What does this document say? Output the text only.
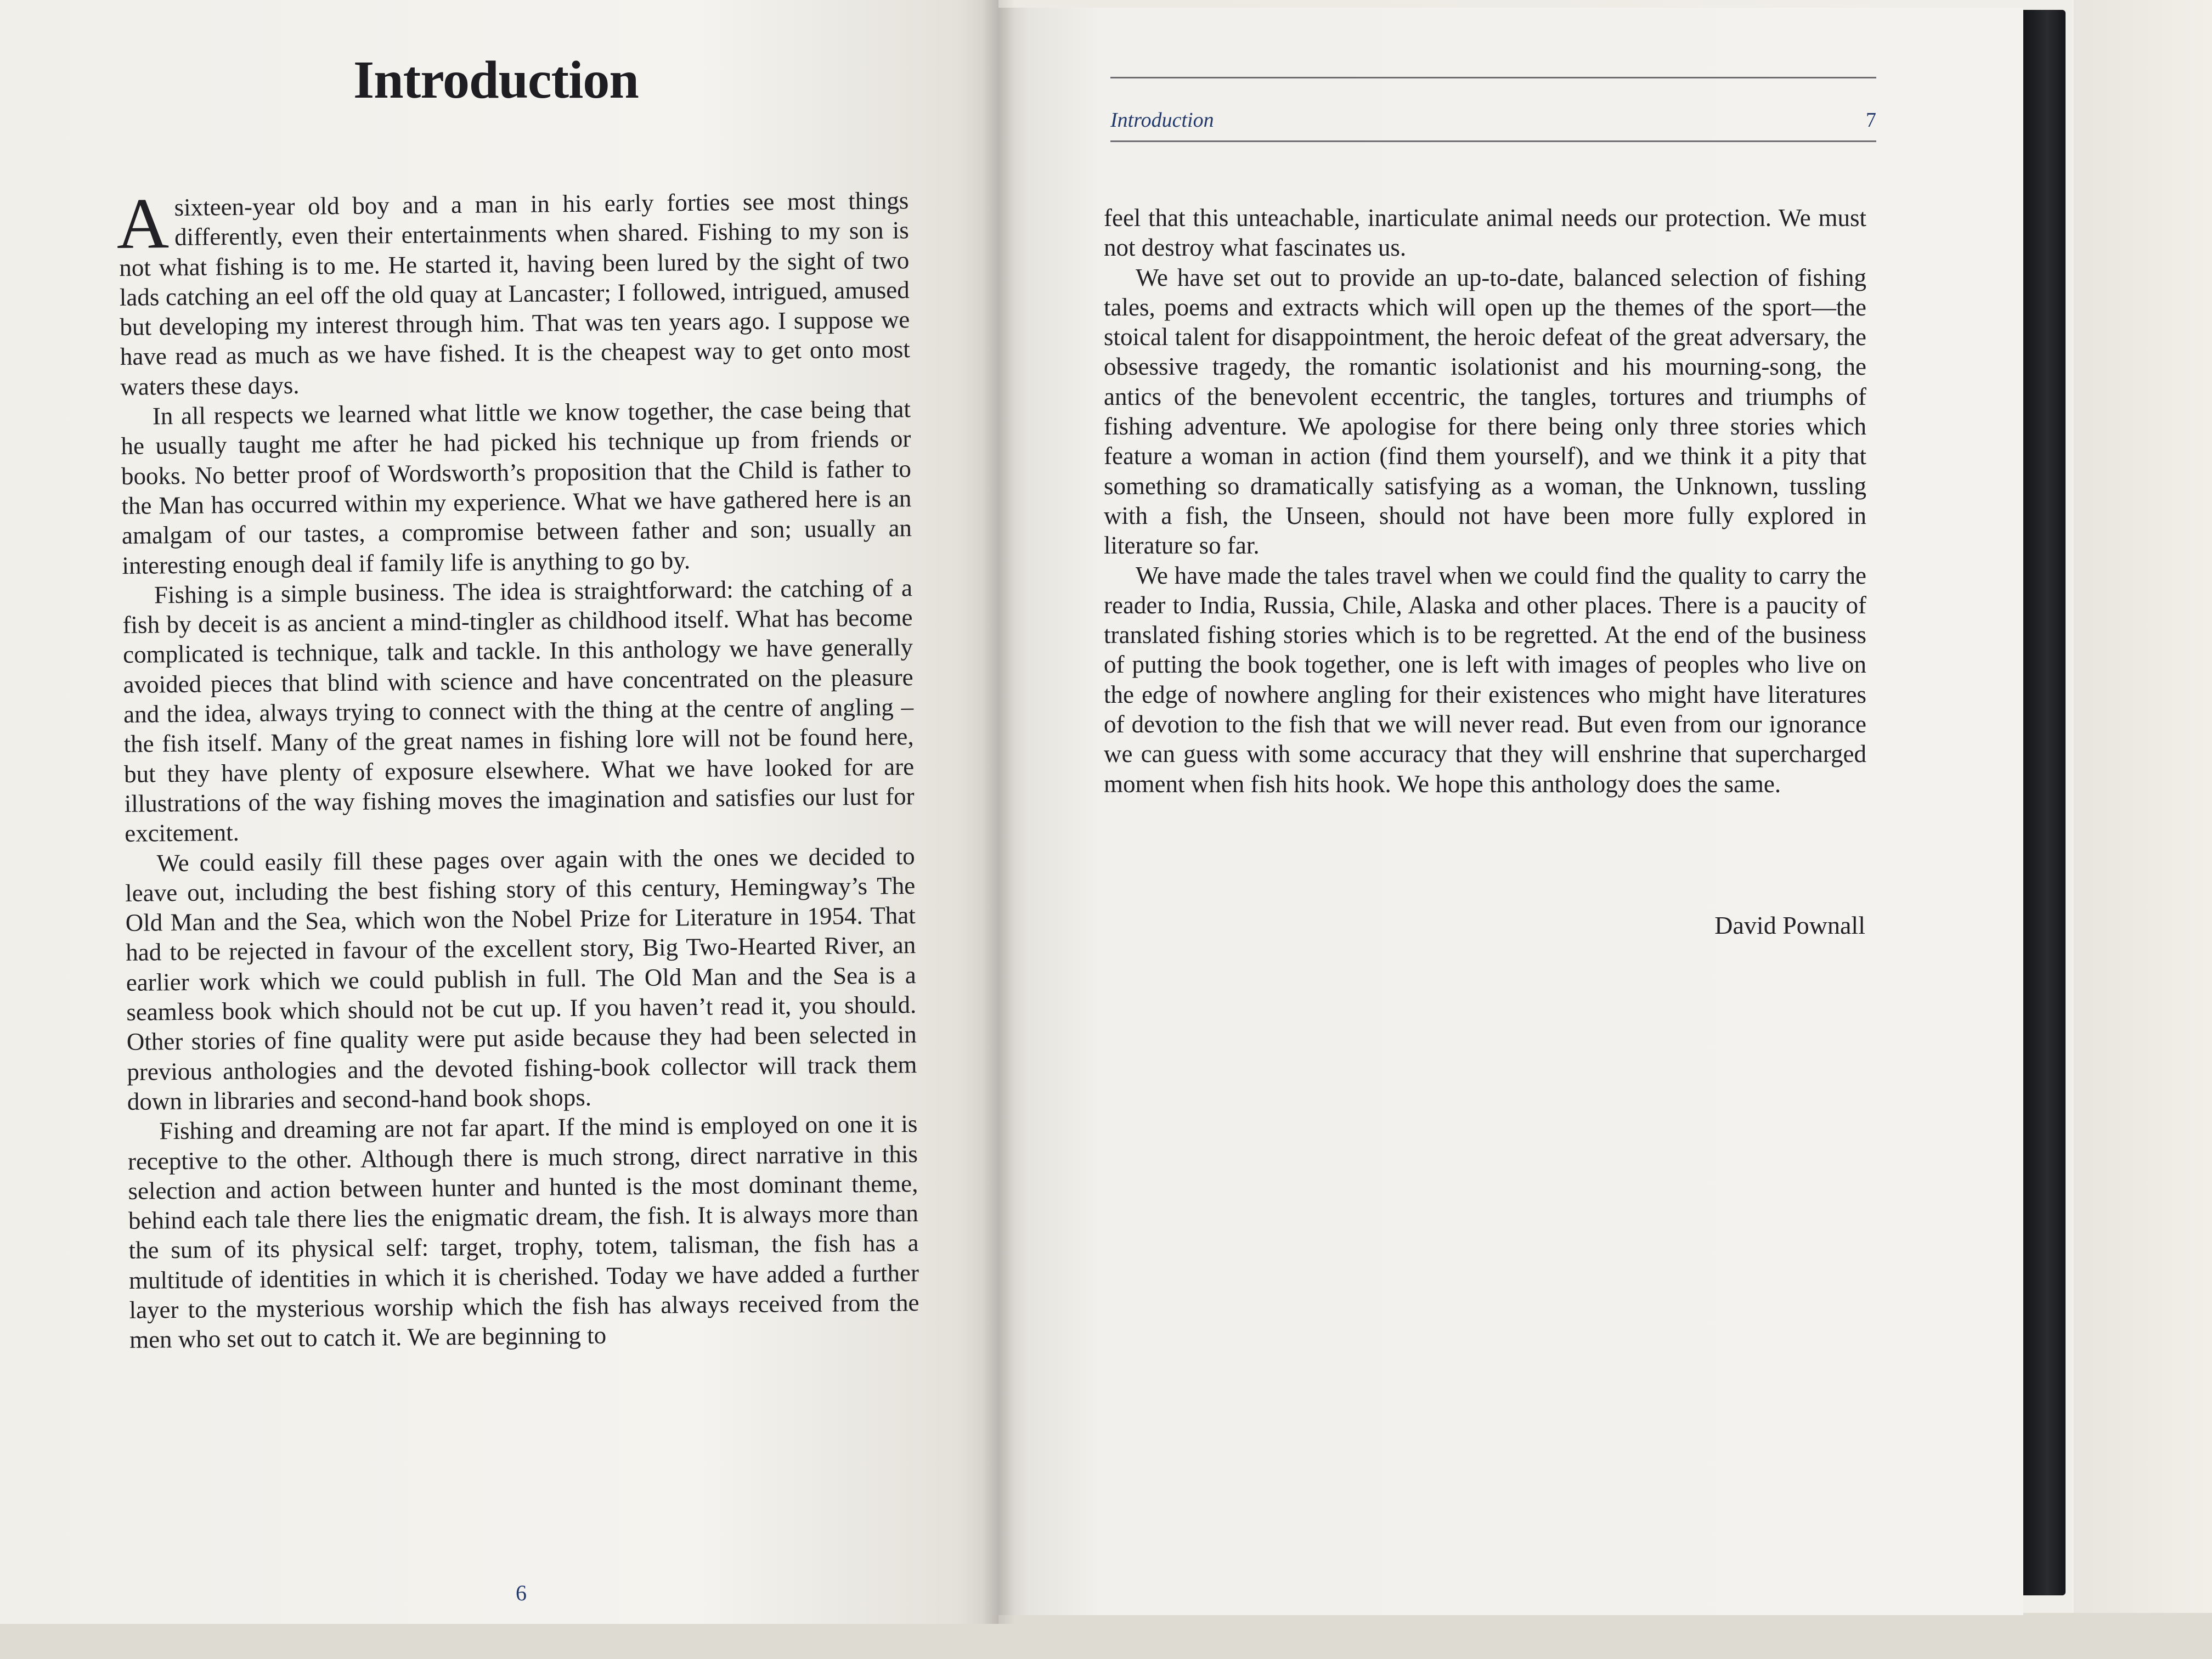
Introduction

A sixteen-year old boy and a man in his early forties see most things differently, even their entertainments when shared. Fishing to my son is not what fishing is to me. He started it, having been lured by the sight of two lads catching an eel off the old quay at Lancaster; I followed, intrigued, amused but developing my interest through him. That was ten years ago. I suppose we have read as much as we have fished. It is the cheapest way to get onto most waters these days.

In all respects we learned what little we know together, the case being that he usually taught me after he had picked his technique up from friends or books. No better proof of Wordsworth’s proposition that the Child is father to the Man has occurred within my experience. What we have gathered here is an amalgam of our tastes, a compromise between father and son; usually an interesting enough deal if family life is anything to go by.

Fishing is a simple business. The idea is straightforward: the catching of a fish by deceit is as ancient a mind-tingler as childhood itself. What has become complicated is technique, talk and tackle. In this anthology we have generally avoided pieces that blind with science and have concentrated on the pleasure and the idea, always trying to connect with the thing at the centre of angling – the fish itself. Many of the great names in fishing lore will not be found here, but they have plenty of exposure elsewhere. What we have looked for are illustrations of the way fishing moves the imagination and satisfies our lust for excitement.

We could easily fill these pages over again with the ones we decided to leave out, including the best fishing story of this century, Hemingway’s The Old Man and the Sea, which won the Nobel Prize for Literature in 1954. That had to be rejected in favour of the excellent story, Big Two-Hearted River, an earlier work which we could publish in full. The Old Man and the Sea is a seamless book which should not be cut up. If you haven’t read it, you should. Other stories of fine quality were put aside because they had been selected in previous anthologies and the devoted fishing-book collector will track them down in libraries and second-hand book shops.

Fishing and dreaming are not far apart. If the mind is employed on one it is receptive to the other. Although there is much strong, direct narrative in this selection and action between hunter and hunted is the most dominant theme, behind each tale there lies the enigmatic dream, the fish. It is always more than the sum of its physical self: target, trophy, totem, talisman, the fish has a multitude of identities in which it is cherished. Today we have added a further layer to the mysterious worship which the fish has always received from the men who set out to catch it. We are beginning to

6
Introduction	7

feel that this unteachable, inarticulate animal needs our protection. We must not destroy what fascinates us.

We have set out to provide an up-to-date, balanced selection of fishing tales, poems and extracts which will open up the themes of the sport—the stoical talent for disappointment, the heroic defeat of the great adversary, the obsessive tragedy, the romantic isolationist and his mourning-song, the antics of the benevolent eccentric, the tangles, tortures and triumphs of fishing adventure. We apologise for there being only three stories which feature a woman in action (find them yourself), and we think it a pity that something so dramatically satisfying as a woman, the Unknown, tussling with a fish, the Unseen, should not have been more fully explored in literature so far.

We have made the tales travel when we could find the quality to carry the reader to India, Russia, Chile, Alaska and other places. There is a paucity of translated fishing stories which is to be regretted. At the end of the business of putting the book together, one is left with images of peoples who live on the edge of nowhere angling for their existences who might have literatures of devotion to the fish that we will never read. But even from our ignorance we can guess with some accuracy that they will enshrine that supercharged moment when fish hits hook. We hope this anthology does the same.

David Pownall
